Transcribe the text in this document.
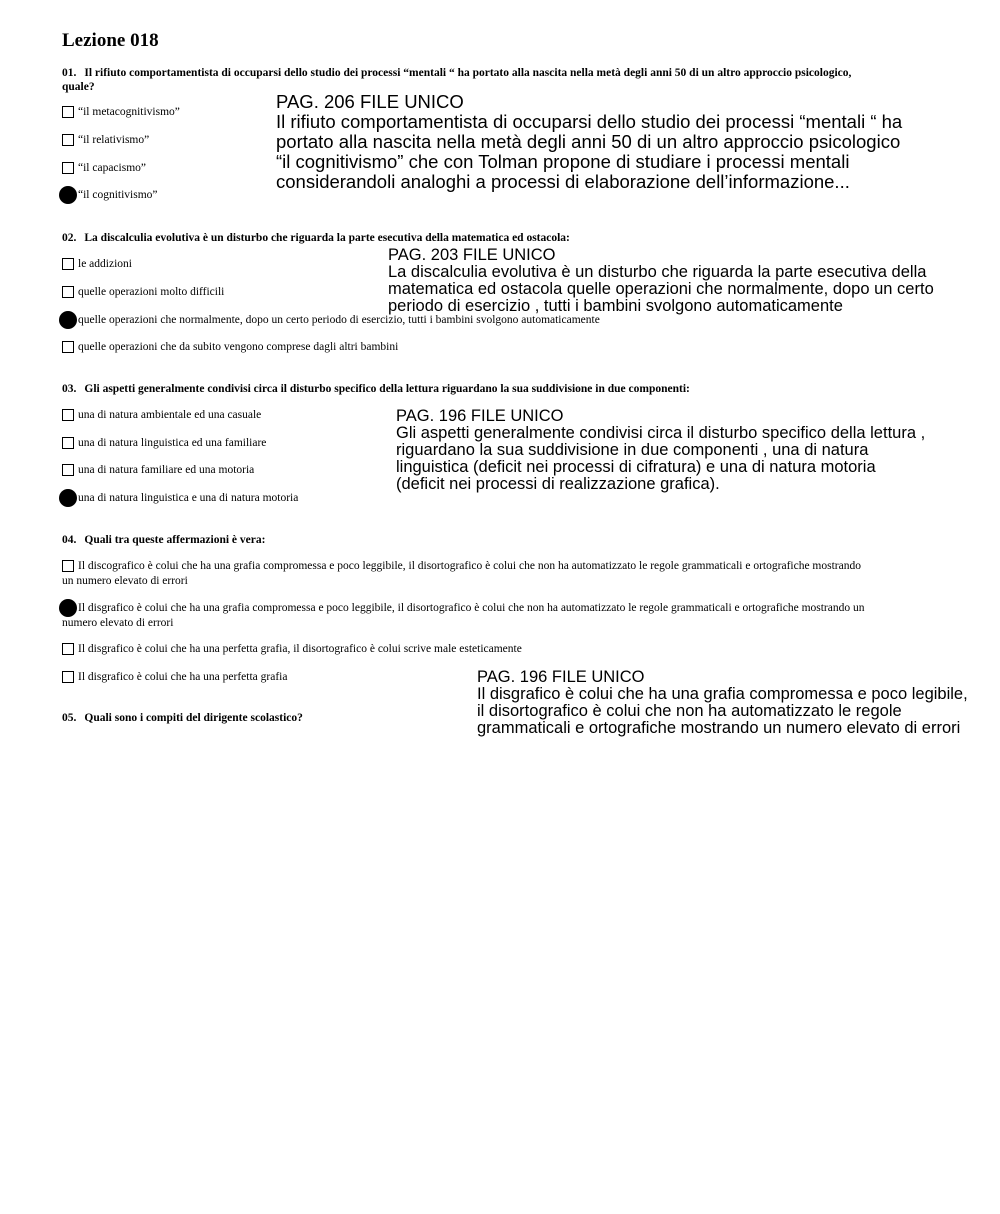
Lezione 018
01. Il rifiuto comportamentista di occuparsi dello studio dei processi “mentali “ ha portato alla nascita nella metà degli anni 50 di un altro approccio psicologico,
quale?
“il metacognitivismo”
“il relativismo”
“il capacismo”
“il cognitivismo”
PAG. 206 FILE UNICO
Il rifiuto comportamentista di occuparsi dello studio dei processi “mentali “ ha
portato alla nascita nella metà degli anni 50 di un altro approccio psicologico
“il cognitivismo” che con Tolman propone di studiare i processi mentali
considerandoli analoghi a processi di elaborazione dell’informazione...
02. La discalculia evolutiva è un disturbo che riguarda la parte esecutiva della matematica ed ostacola:
le addizioni
quelle operazioni molto difficili
quelle operazioni che normalmente, dopo un certo periodo di esercizio, tutti i bambini svolgono automaticamente
quelle operazioni che da subito vengono comprese dagli altri bambini
PAG. 203 FILE UNICO
La discalculia evolutiva è un disturbo che riguarda la parte esecutiva della
matematica ed ostacola quelle operazioni che normalmente, dopo un certo
periodo di esercizio , tutti i bambini svolgono automaticamente
03. Gli aspetti generalmente condivisi circa il disturbo specifico della lettura riguardano la sua suddivisione in due componenti:
una di natura ambientale ed una casuale
una di natura linguistica ed una familiare
una di natura familiare ed una motoria
una di natura linguistica e una di natura motoria
PAG. 196 FILE UNICO
Gli aspetti generalmente condivisi circa il disturbo specifico della lettura ,
riguardano la sua suddivisione in due componenti , una di natura
linguistica (deficit nei processi di cifratura) e una di natura motoria
(deficit nei processi di realizzazione grafica).
04. Quali tra queste affermazioni è vera:
Il discografico è colui che ha una grafia compromessa e poco leggibile, il disortografico è colui che non ha automatizzato le regole grammaticali e ortografiche mostrando
un numero elevato di errori
Il disgrafico è colui che ha una grafia compromessa e poco leggibile, il disortografico è colui che non ha automatizzato le regole grammaticali e ortografiche mostrando un
numero elevato di errori
Il disgrafico è colui che ha una perfetta grafia, il disortografico è colui scrive male esteticamente
Il disgrafico è colui che ha una perfetta grafia	PAG. 196 FILE UNICO
Il disgrafico è colui che ha una grafia compromessa e poco legibile,
il disortografico è colui che non ha automatizzato le regole
grammaticali e ortografiche mostrando un numero elevato di errori
05. Quali sono i compiti del dirigente scolastico?
